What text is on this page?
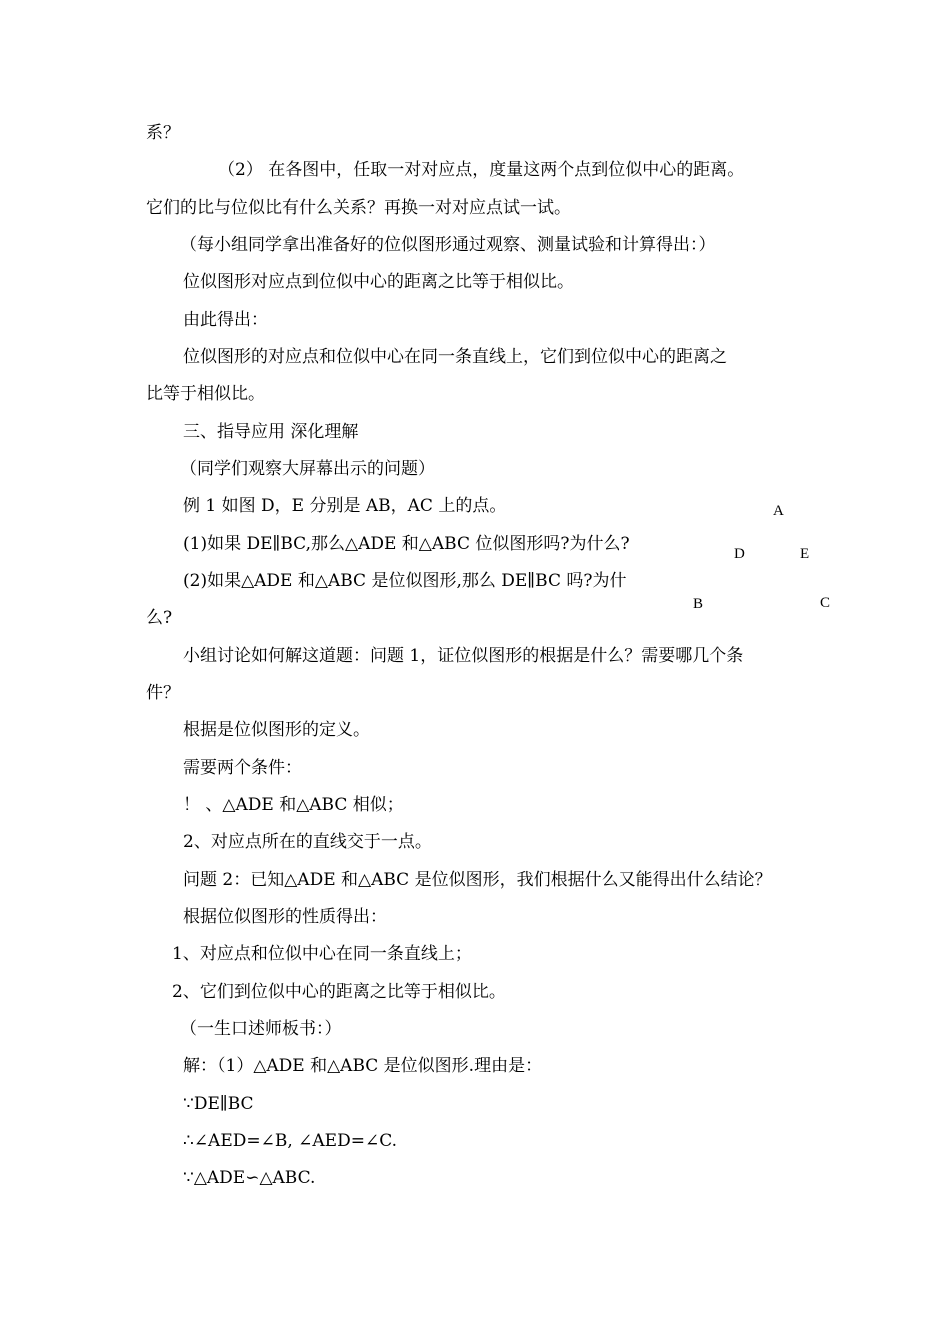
系？
（2） 在各图中，任取一对对应点，度量这两个点到位似中心的距离。
它们的比与位似比有什么关系？再换一对对应点试一试。
（每小组同学拿出准备好的位似图形通过观察、测量试验和计算得出：）
位似图形对应点到位似中心的距离之比等于相似比。
由此得出：
位似图形的对应点和位似中心在同一条直线上，它们到位似中心的距离之
比等于相似比。
三、指导应用 深化理解
（同学们观察大屏幕出示的问题）
例 1 如图 D，E 分别是 AB，AC 上的点。
(1)如果 DE∥BC,那么△ADE 和△ABC 位似图形吗?为什么?
(2)如果△ADE 和△ABC 是位似图形,那么 DE∥BC 吗?为什
么?
小组讨论如何解这道题：问题 1，证位似图形的根据是什么？需要哪几个条
件？
根据是位似图形的定义。
需要两个条件：
！ 、△ADE 和△ABC 相似；
2、对应点所在的直线交于一点。
问题 2：已知△ADE 和△ABC 是位似图形，我们根据什么又能得出什么结论？
根据位似图形的性质得出：
1、对应点和位似中心在同一条直线上；
2、它们到位似中心的距离之比等于相似比。
（一生口述师板书：）
解：（1）△ADE 和△ABC 是位似图形.理由是：
∵DE∥BC
∴∠AED=∠B, ∠AED=∠C.
∵△ADE∽△ABC.
A
D	E
B	C
